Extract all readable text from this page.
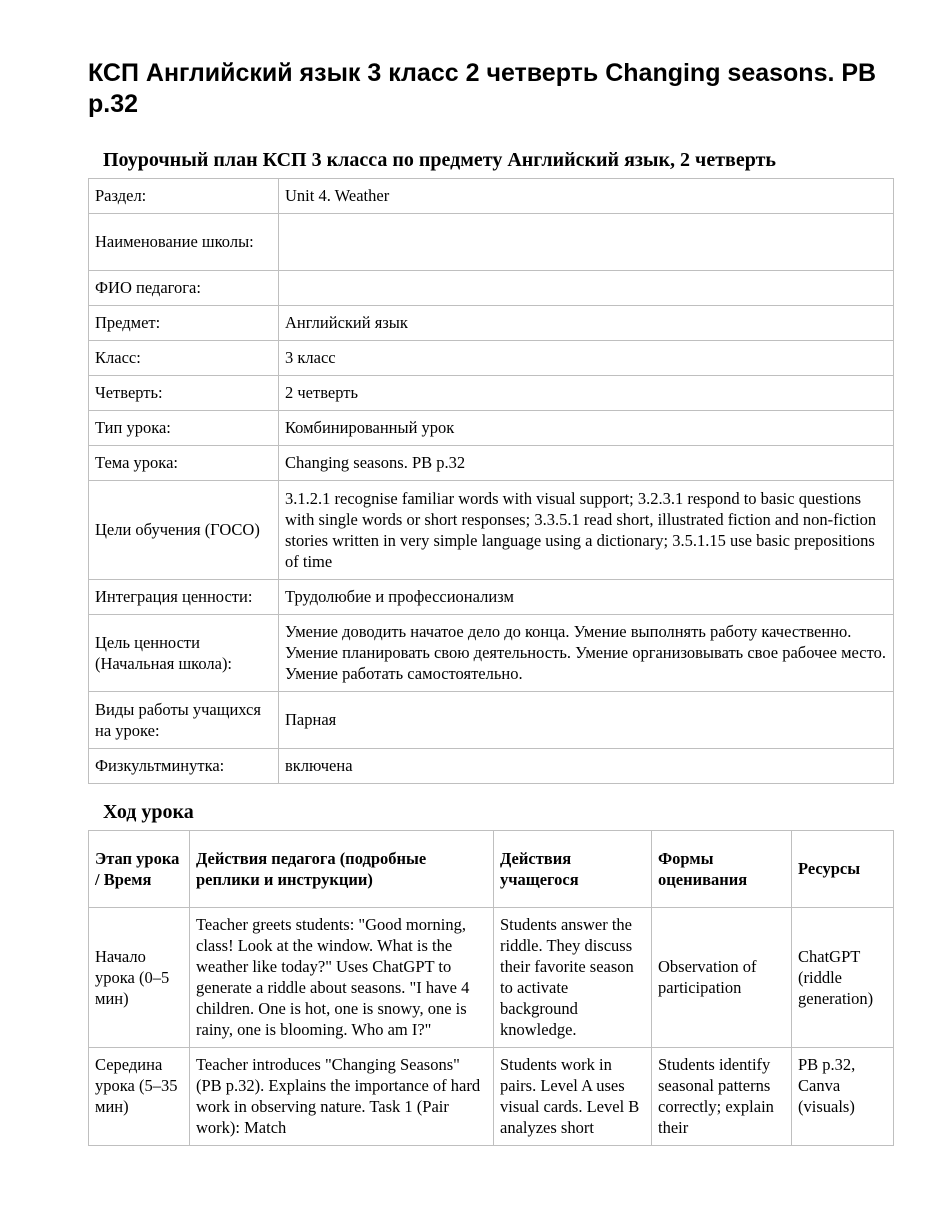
КСП Английский язык 3 класс 2 четверть Changing seasons. PB p.32
Поурочный план КСП 3 класса по предмету Английский язык, 2 четверть
Раздел:	Unit 4. Weather
Наименование школы:	
ФИО педагога:	
Предмет:	Английский язык
Класс:	3 класс
Четверть:	2 четверть
Тип урока:	Комбинированный урок
Тема урока:	Changing seasons. PB p.32
Цели обучения (ГОСО)	3.1.2.1 recognise familiar words with visual support; 3.2.3.1 respond to basic questions with single words or short responses; 3.3.5.1 read short, illustrated fiction and non-fiction stories written in very simple language using a dictionary; 3.5.1.15 use basic prepositions of time
Интеграция ценности:	Трудолюбие и профессионализм
Цель ценности (Начальная школа):	Умение доводить начатое дело до конца. Умение выполнять работу качественно. Умение планировать свою деятельность. Умение организовывать свое рабочее место. Умение работать самостоятельно.
Виды работы учащихся на уроке:	Парная
Физкультминутка:	включена
Ход урока
Этап урока / Время	Действия педагога (подробные реплики и инструкции)	Действия учащегося	Формы оценивания	Ресурсы
Начало урока (0–5 мин)	Teacher greets students: "Good morning, class! Look at the window. What is the weather like today?" Uses ChatGPT to generate a riddle about seasons. "I have 4 children. One is hot, one is snowy, one is rainy, one is blooming. Who am I?"	Students answer the riddle. They discuss their favorite season to activate background knowledge.	Observation of participation	ChatGPT (riddle generation)
Середина урока (5–35 мин)	Teacher introduces "Changing Seasons" (PB p.32). Explains the importance of hard work in observing nature. Task 1 (Pair work): Match	Students work in pairs. Level A uses visual cards. Level B analyzes short	Students identify seasonal patterns correctly; explain their	PB p.32, Canva (visuals)
